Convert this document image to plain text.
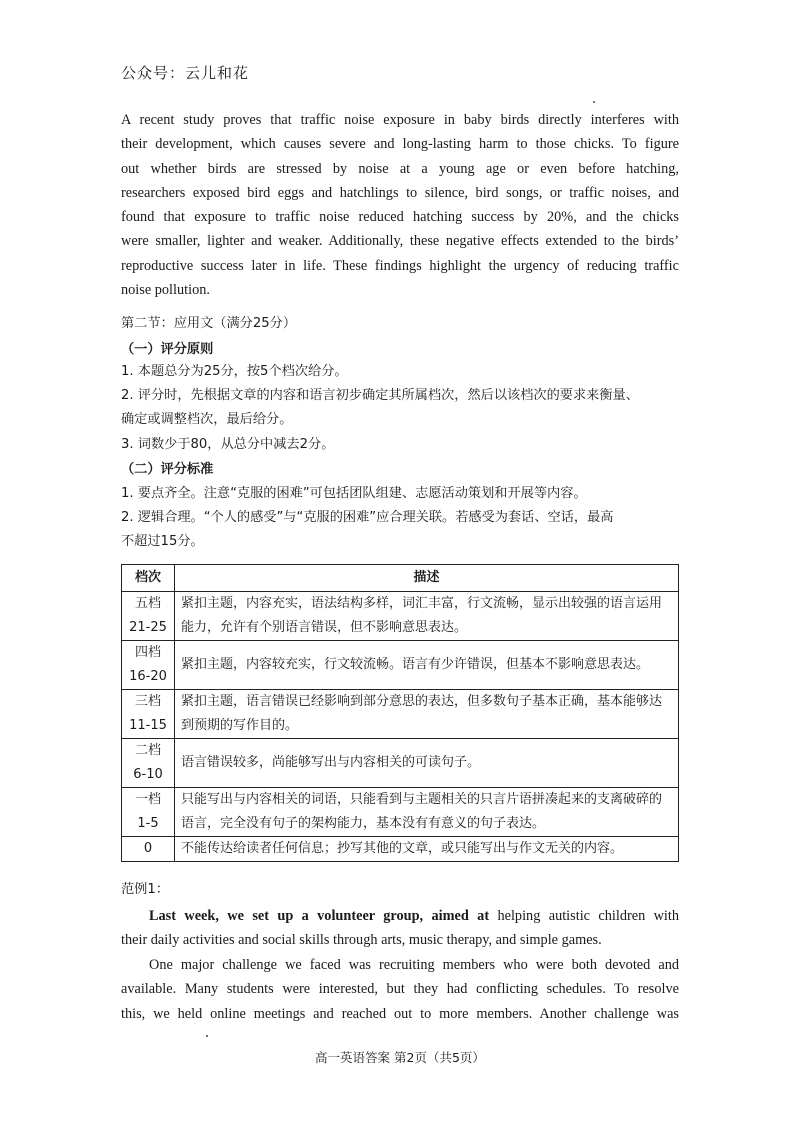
公众号：云儿和花
A recent study proves that traffic noise exposure in baby birds directly interferes with
their development, which causes severe and long-lasting harm to those chicks. To figure
out whether birds are stressed by noise at a young age or even before hatching,
researchers exposed bird eggs and hatchlings to silence, bird songs, or traffic noises, and
found that exposure to traffic noise reduced hatching success by 20%, and the chicks
were smaller, lighter and weaker. Additionally, these negative effects extended to the birds’
reproductive success later in life. These findings highlight the urgency of reducing traffic
noise pollution.
第二节：应用文（满分25分）
（一）评分原则
1. 本题总分为25分，按5个档次给分。
2. 评分时，先根据文章的内容和语言初步确定其所属档次，然后以该档次的要求来衡量、
确定或调整档次，最后给分。
3. 词数少于80，从总分中减去2分。
（二）评分标准
1. 要点齐全。注意“克服的困难”可包括团队组建、志愿活动策划和开展等内容。
2. 逻辑合理。“个人的感受”与“克服的困难”应合理关联。若感受为套话、空话，最高
不超过15分。
档次	描述

五档
21-25	紧扣主题，内容充实，语法结构多样，词汇丰富，行文流畅，显示出较强的语言运用能力，允许有个别语言错误，但不影响意思表达。

四档
16-20	紧扣主题，内容较充实，行文较流畅。语言有少许错误，但基本不影响意思表达。

三档
11-15	紧扣主题，语言错误已经影响到部分意思的表达，但多数句子基本正确，基本能够达到预期的写作目的。

二档
6-10	语言错误较多，尚能够写出与内容相关的可读句子。

一档
1-5	只能写出与内容相关的词语，只能看到与主题相关的只言片语拼凑起来的支离破碎的语言，完全没有句子的架构能力，基本没有有意义的句子表达。

0	不能传达给读者任何信息；抄写其他的文章，或只能写出与作文无关的内容。
范例1：
Last week, we set up a volunteer group, aimed at helping autistic children with
their daily activities and social skills through arts, music therapy, and simple games.
One major challenge we faced was recruiting members who were both devoted and
available. Many students were interested, but they had conflicting schedules. To resolve
this, we held online meetings and reached out to more members. Another challenge was
高一英语答案 第2页（共5页）
